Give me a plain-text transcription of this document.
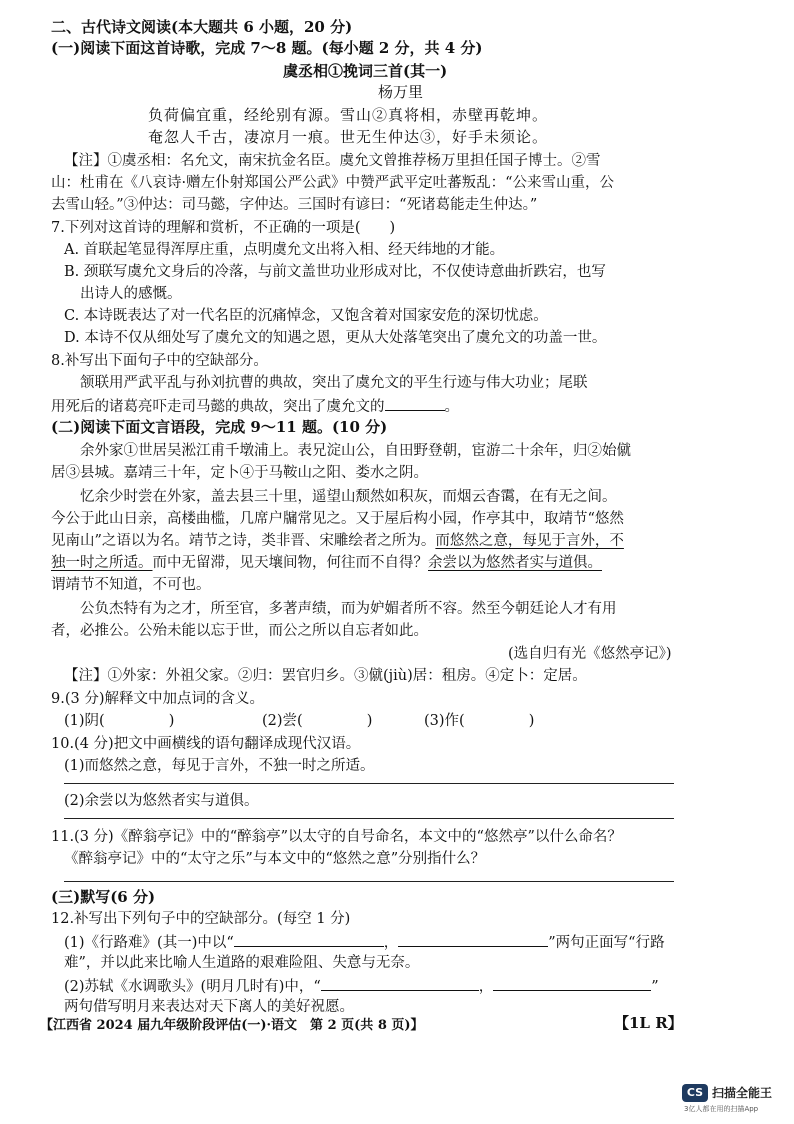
二、古代诗文阅读(本大题共 6 小题，20 分)
(一)阅读下面这首诗歌，完成 7～8 题。(每小题 2 分，共 4 分)
虞丞相①挽词三首(其一)
杨万里
负荷偏宜重，经纶别有源。雪山②真将相，赤壁再乾坤。
奄忽人千古，凄凉月一痕。世无生仲达③，好手未须论。
【注】①虞丞相：名允文，南宋抗金名臣。虞允文曾推荐杨万里担任国子博士。②雪
山：杜甫在《八哀诗·赠左仆射郑国公严公武》中赞严武平定吐蕃叛乱：“公来雪山重，公
去雪山轻。”③仲达：司马懿，字仲达。三国时有谚曰：“死诸葛能走生仲达。”
7.下列对这首诗的理解和赏析，不正确的一项是(　　)
A. 首联起笔显得浑厚庄重，点明虞允文出将入相、经天纬地的才能。
B. 颈联写虞允文身后的冷落，与前文盖世功业形成对比，不仅使诗意曲折跌宕，也写
出诗人的感慨。
C. 本诗既表达了对一代名臣的沉痛悼念，又饱含着对国家安危的深切忧虑。
D. 本诗不仅从细处写了虞允文的知遇之恩，更从大处落笔突出了虞允文的功盖一世。
8.补写出下面句子中的空缺部分。
颔联用严武平乱与孙刘抗曹的典故，突出了虞允文的平生行迹与伟大功业；尾联
用死后的诸葛亮吓走司马懿的典故，突出了虞允文的	。
(二)阅读下面文言语段，完成 9～11 题。(10 分)
余外家①世居吴淞江甫千墩浦上。表兄淀山公，自田野登朝，宦游二十余年，归②始僦
居③县城。嘉靖三十年，定卜④于马鞍山之阳、娄水之阴。
忆余少时尝在外家，盖去县三十里，遥望山颓然如积灰，而烟云杳霭，在有无之间。
今公于此山日亲，高楼曲槛，几席户牖常见之。又于屋后构小园，作亭其中，取靖节“悠然
见南山”之语以为名。靖节之诗，类非晋、宋雕绘者之所为。而悠然之意，每见于言外，不
独一时之所适。而中无留滞，见天壤间物，何往而不自得？余尝以为悠然者实与道俱。
谓靖节不知道，不可也。
公负杰特有为之才，所至官，多著声绩，而为妒媚者所不容。然至今朝廷论人才有用
者，必推公。公殆未能以忘于世，而公之所以自忘者如此。
(选自归有光《悠然亭记》)
【注】①外家：外祖父家。②归：罢官归乡。③僦(jiù)居：租房。④定卜：定居。
9.(3 分)解释文中加点词的含义。
(1)阴(	)	(2)尝(	)	(3)作(	)
10.(4 分)把文中画横线的语句翻译成现代汉语。
(1)而悠然之意，每见于言外，不独一时之所适。
(2)余尝以为悠然者实与道俱。
11.(3 分)《醉翁亭记》中的“醉翁亭”以太守的自号命名，本文中的“悠然亭”以什么命名？
《醉翁亭记》中的“太守之乐”与本文中的“悠然之意”分别指什么？
(三)默写(6 分)
12.补写出下列句子中的空缺部分。(每空 1 分)
(1)《行路难》(其一)中以“	，	”两句正面写“行路
难”，并以此来比喻人生道路的艰难险阻、失意与无奈。
(2)苏轼《水调歌头》(明月几时有)中，“	，	”
两句借写明月来表达对天下离人的美好祝愿。
【江西省 2024 届九年级阶段评估(一)·语文　第 2 页(共 8 页)】	【1L R】
CS 扫描全能王
3亿人都在用的扫描App
